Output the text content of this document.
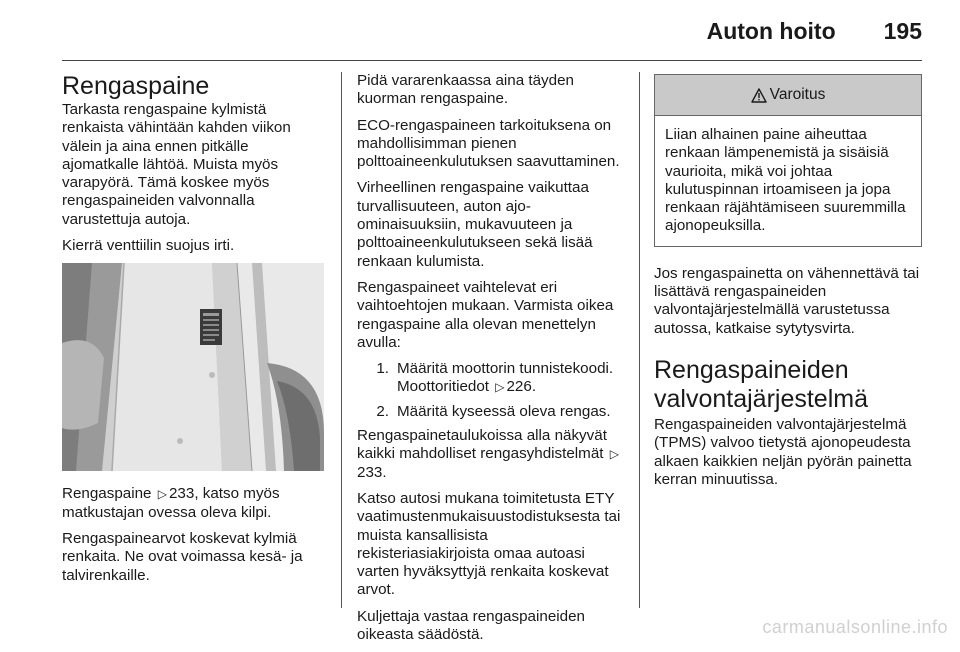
Auton hoito 195
Rengaspaine

Tarkasta rengaspaine kylmistä renkaista vähintään kahden viikon välein ja aina ennen pitkälle ajomatkalle lähtöä. Muista myös varapyörä. Tämä koskee myös rengaspaineiden valvonnalla varustettuja autoja.

Kierrä venttiilin suojus irti.

Rengaspaine ▷ 233, katso myös matkustajan ovessa oleva kilpi.

Rengaspainearvot koskevat kylmiä renkaita. Ne ovat voimassa kesä- ja talvirenkaille.

Pidä vararenkaassa aina täyden kuorman rengaspaine.

ECO-rengaspaineen tarkoituksena on mahdollisimman pienen polttoaineenkulutuksen saavuttaminen.

Virheellinen rengaspaine vaikuttaa turvallisuuteen, auton ajo-ominaisuuksiin, mukavuuteen ja polttoaineenkulutukseen sekä lisää renkaan kulumista.

Rengaspaineet vaihtelevat eri vaihtoehtojen mukaan. Varmista oikea rengaspaine alla olevan menettelyn avulla:

1. Määritä moottorin tunnistekoodi. Moottoritiedot ▷ 226.
2. Määritä kyseessä oleva rengas.

Rengaspainetaulukoissa alla näkyvät kaikki mahdolliset rengasyhdistelmät ▷233.

Katso autosi mukana toimitetusta ETY vaatimustenmukaisuustodistuksesta tai muista kansallisista rekisteriasiakirjoista omaa autoasi varten hyväksyttyjä renkaita koskevat arvot.

Kuljettaja vastaa rengaspaineiden oikeasta säädöstä.

Varoitus

Liian alhainen paine aiheuttaa renkaan lämpenemistä ja sisäisiä vaurioita, mikä voi johtaa kulutuspinnan irtoamiseen ja jopa renkaan räjähtämiseen suuremmilla ajonopeuksilla.

Jos rengaspainetta on vähennettävä tai lisättävä rengaspaineiden valvontajärjestelmällä varustetussa autossa, katkaise sytytysvirta.

Rengaspaineiden valvontajärjestelmä

Rengaspaineiden valvontajärjestelmä (TPMS) valvoo tietystä ajonopeudesta alkaen kaikkien neljän pyörän painetta kerran minuutissa.

carmanualsonline.info
